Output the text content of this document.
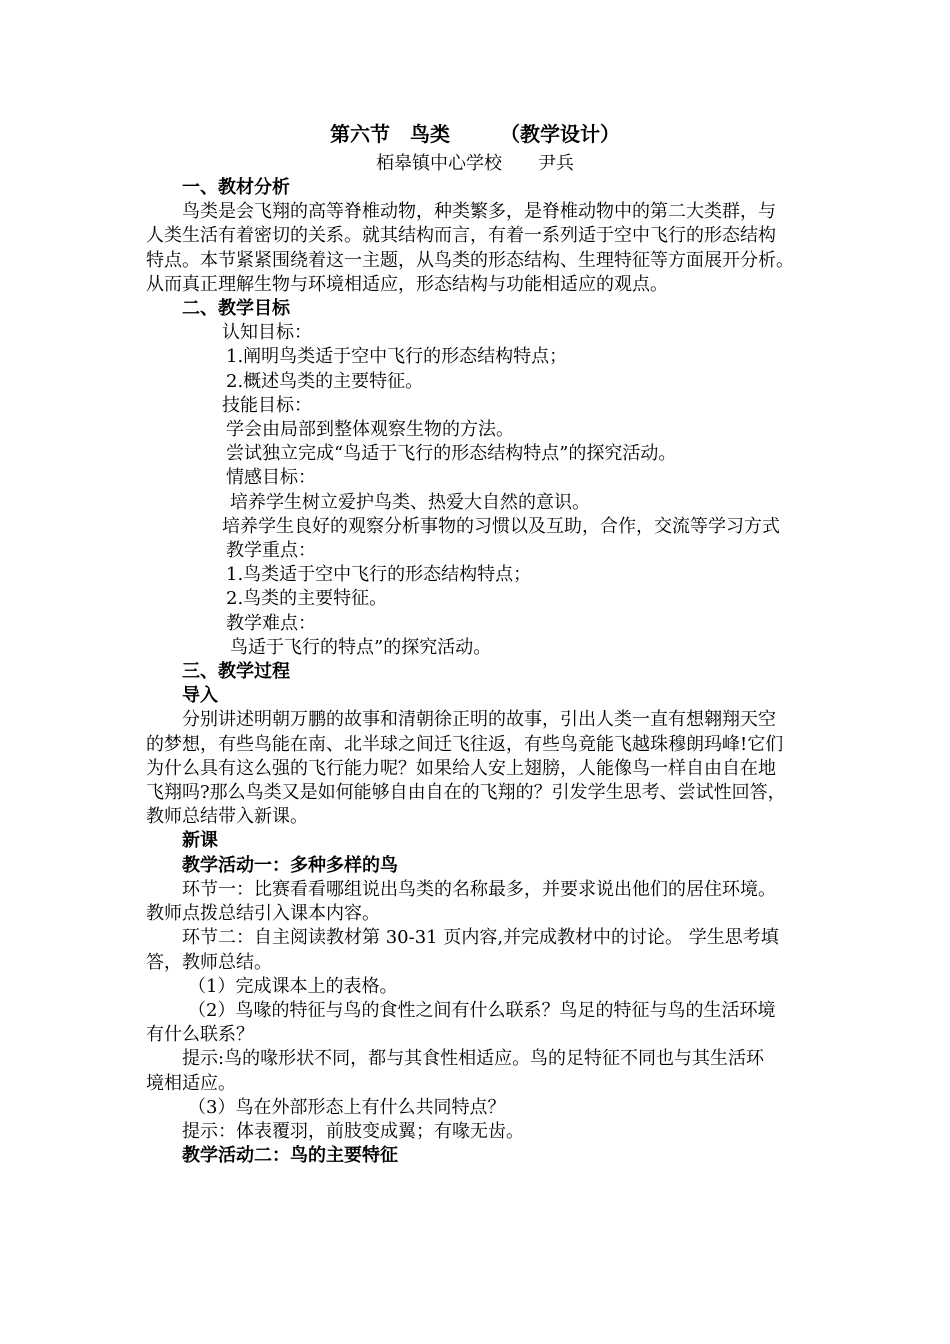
第六节　鸟类　　　（教学设计）
栢皋镇中心学校　　尹兵
一、教材分析
鸟类是会飞翔的高等脊椎动物，种类繁多，是脊椎动物中的第二大类群，与
人类生活有着密切的关系。就其结构而言，有着一系列适于空中飞行的形态结构
特点。本节紧紧围绕着这一主题，从鸟类的形态结构、生理特征等方面展开分析。
从而真正理解生物与环境相适应，形态结构与功能相适应的观点。
二、教学目标
认知目标：
1.阐明鸟类适于空中飞行的形态结构特点；
2.概述鸟类的主要特征。
技能目标：
学会由局部到整体观察生物的方法。
尝试独立完成“鸟适于飞行的形态结构特点”的探究活动。
情感目标：
培养学生树立爱护鸟类、热爱大自然的意识。
培养学生良好的观察分析事物的习惯以及互助，合作，交流等学习方式
教学重点：
1.鸟类适于空中飞行的形态结构特点；
2.鸟类的主要特征。
教学难点：
鸟适于飞行的特点”的探究活动。
三、教学过程
导入
分别讲述明朝万鹏的故事和清朝徐正明的故事，引出人类一直有想翱翔天空
的梦想，有些鸟能在南、北半球之间迁飞往返，有些鸟竟能飞越珠穆朗玛峰!它们
为什么具有这么强的飞行能力呢？如果给人安上翅膀，人能像鸟一样自由自在地
飞翔吗?那么鸟类又是如何能够自由自在的飞翔的？引发学生思考、尝试性回答，
教师总结带入新课。
新课
教学活动一：多种多样的鸟
环节一：比赛看看哪组说出鸟类的名称最多，并要求说出他们的居住环境。
教师点拨总结引入课本内容。
环节二：自主阅读教材第 30-31 页内容,并完成教材中的讨论。 学生思考填
答，教师总结。
（1）完成课本上的表格。
（2）鸟喙的特征与鸟的食性之间有什么联系？鸟足的特征与鸟的生活环境
有什么联系？
提示:鸟的喙形状不同，都与其食性相适应。鸟的足特征不同也与其生活环
境相适应。
（3）鸟在外部形态上有什么共同特点？
提示：体表覆羽，前肢变成翼；有喙无齿。
教学活动二：鸟的主要特征
